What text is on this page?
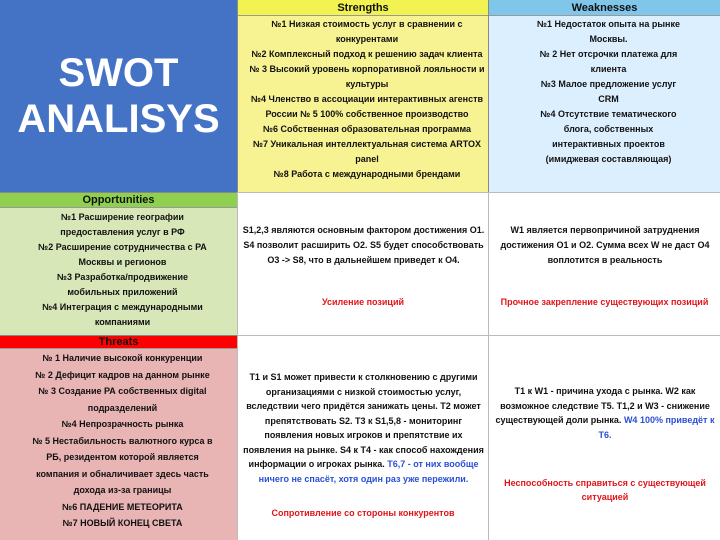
SWOT
ANALISYS
Strengths
№1 Низкая стоимость услуг в сравнении с
конкурентами
№2 Комплексный подход к решению задач клиента
№ 3 Высокий уровень корпоративной лояльности и
культуры
№4 Членство в ассоциации интерактивных агенств
России № 5 100% собственное производство
№6 Собственная образовательная программа
№7 Уникальная интеллектуальная система ARTOX
panel
№8 Работа с международными брендами
Weaknesses
№1 Недостаток опыта на рынке
Москвы.
№ 2 Нет отсрочки платежа для
клиента
№3 Малое предложение услуг
CRM
№4 Отсутствие тематического
блога, собственных
интерактивных проектов
(имиджевая составляющая)
Opportunities
№1 Расширение географии
предоставления услуг в РФ
№2 Расширение сотрудничества с РА
Москвы и регионов
№3 Разработка/продвижение
мобильных приложений
№4 Интеграция с международными
компаниями
S1,2,3 являются основным фактором достижения O1. S4 позволит расширить O2. S5 будет способствовать O3 -> S8, что в дальнейшем приведет к O4.
Усиление позиций
W1 является первопричиной затруднения достижения O1 и O2. Сумма всех W не даст O4 воплотится в реальность
Прочное закрепление существующих позиций
Threats
№ 1 Наличие высокой конкуренции
№ 2 Дефицит кадров на данном рынке
№ 3 Создание РА собственных digital
подразделений
№4 Непрозрачность рынка
№ 5 Нестабильность валютного курса в
РБ, резидентом которой является
компания и обналичивает здесь часть
дохода из-за границы
№6 ПАДЕНИЕ МЕТЕОРИТА
№7 НОВЫЙ КОНЕЦ СВЕТА
T1 и S1 может привести к столкновению с другими организациями с низкой стоимостью услуг, вследствии чего придётся занижать цены. T2 может препятствовать S2. T3 к S1,5,8 - мониторинг появления новых игроков и препятствие их появления на рынке. S4 к T4 - как способ нахождения информации о игроках рынка. T6,7 - от них вообще ничего не спасёт, хотя один раз уже пережили.
Сопротивление со стороны конкурентов
T1 к W1 - причина ухода с рынка. W2 как возможное следствие T5. T1,2 и W3 - снижение существующей доли рынка. W4 100% приведёт к T6.
Неспособность справиться с существующей ситуацией
